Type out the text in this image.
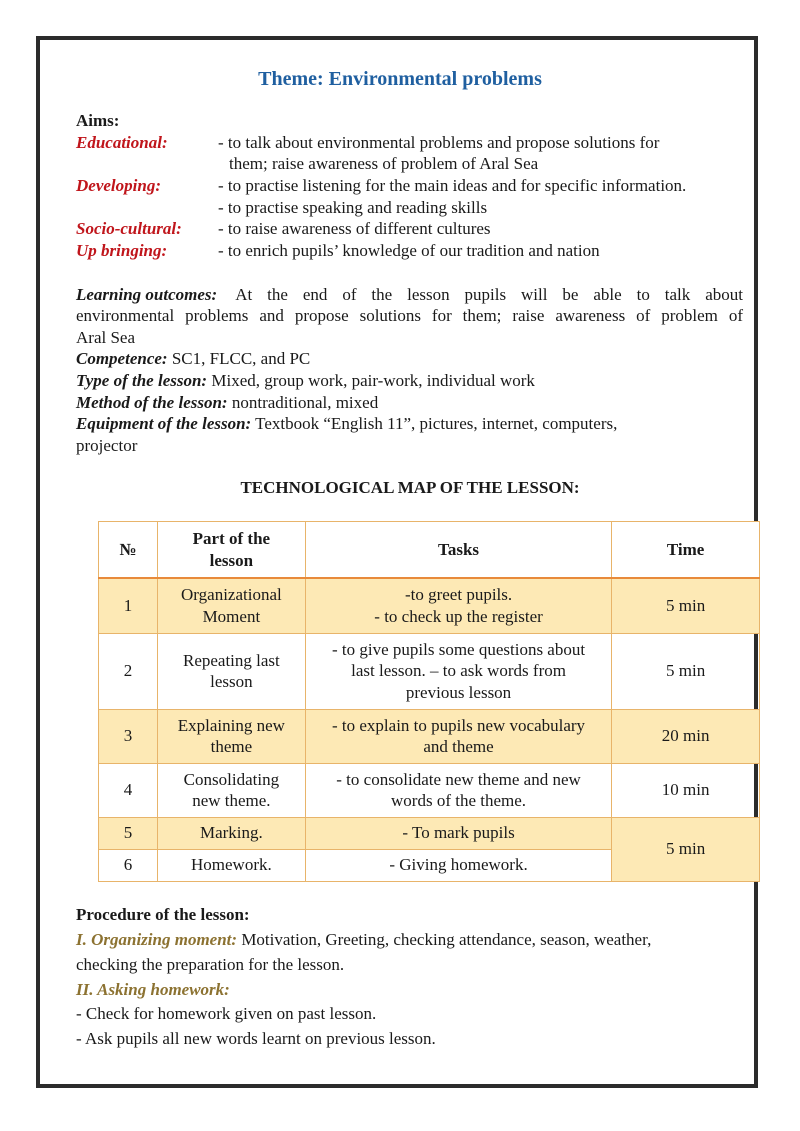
Theme: Environmental problems
Aims:
Educational:	- to talk about environmental problems and propose solutions for
them; raise awareness of problem of Aral Sea
Developing:	- to practise listening for the main ideas and for specific information.
- to practise speaking and reading skills
Socio-cultural: - to raise awareness of different cultures
Up bringing:	- to enrich pupils’ knowledge of our tradition and nation
Learning outcomes: At the end of the lesson pupils will be able to talk about
environmental problems and propose solutions for them; raise awareness of problem of
Aral Sea
Competence: SC1, FLCC, and PC
Type of the lesson: Mixed, group work, pair-work, individual work
Method of the lesson: nontraditional, mixed
Equipment of the lesson: Textbook “English 11”, pictures, internet, computers,
projector
TECHNOLOGICAL MAP OF THE LESSON:
№	Part of the
lesson	Tasks	Time
1	Organizational
Moment	-to greet pupils.
- to check up the register	5 min
2	Repeating last
lesson	- to give pupils some questions about
last lesson. – to ask words from
previous lesson	5 min
3	Explaining new
theme	- to explain to pupils new vocabulary
and theme	20 min
4	Consolidating
new theme.	- to consolidate new theme and new
words of the theme.	10 min
5	Marking.	- To mark pupils	5 min
6	Homework.	- Giving homework.	
Procedure of the lesson:
I. Organizing moment: Motivation, Greeting, checking attendance, season, weather,
checking the preparation for the lesson.
II. Asking homework:
- Check for homework given on past lesson.
- Ask pupils all new words learnt on previous lesson.
